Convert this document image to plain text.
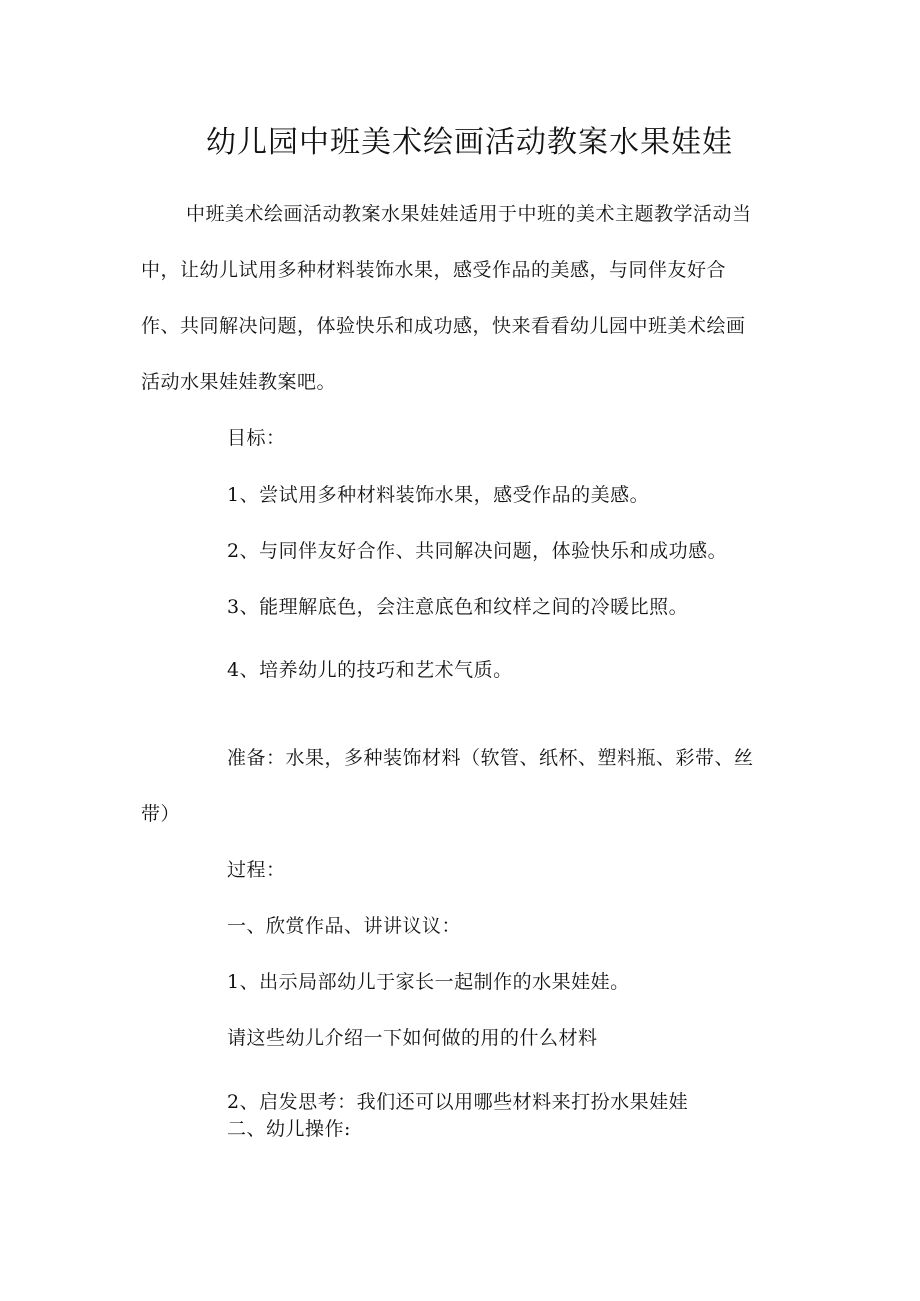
幼儿园中班美术绘画活动教案水果娃娃
中班美术绘画活动教案水果娃娃适用于中班的美术主题教学活动当
中，让幼儿试用多种材料装饰水果，感受作品的美感，与同伴友好合
作、共同解决问题，体验快乐和成功感，快来看看幼儿园中班美术绘画
活动水果娃娃教案吧。
目标：
1、尝试用多种材料装饰水果，感受作品的美感。
2、与同伴友好合作、共同解决问题，体验快乐和成功感。
3、能理解底色，会注意底色和纹样之间的冷暖比照。
4、培养幼儿的技巧和艺术气质。
准备：水果，多种装饰材料（软管、纸杯、塑料瓶、彩带、丝
带）
过程：
一、欣赏作品、讲讲议议：
1、出示局部幼儿于家长一起制作的水果娃娃。
请这些幼儿介绍一下如何做的用的什么材料
2、启发思考：我们还可以用哪些材料来打扮水果娃娃
二、幼儿操作:
